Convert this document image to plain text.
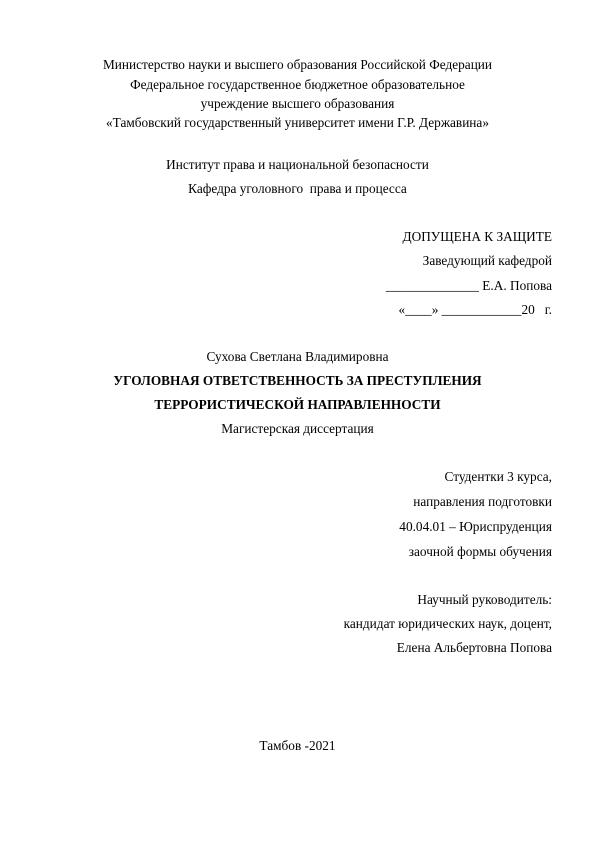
Министерство науки и высшего образования Российской Федерации
Федеральное государственное бюджетное образовательное
учреждение высшего образования
«Тамбовский государственный университет имени Г.Р. Державина»
Институт права и национальной безопасности
Кафедра уголовного  права и процесса
ДОПУЩЕНА К ЗАЩИТЕ
Заведующий кафедрой
______________ Е.А. Попова
«____» ____________20   г.
Сухова Светлана Владимировна
УГОЛОВНАЯ ОТВЕТСТВЕННОСТЬ ЗА ПРЕСТУПЛЕНИЯ
ТЕРРОРИСТИЧЕСКОЙ НАПРАВЛЕННОСТИ
Магистерская диссертация
Студентки 3 курса,
направления подготовки
40.04.01 – Юриспруденция
заочной формы обучения
Научный руководитель:
кандидат юридических наук, доцент,
Елена Альбертовна Попова
Тамбов -2021
